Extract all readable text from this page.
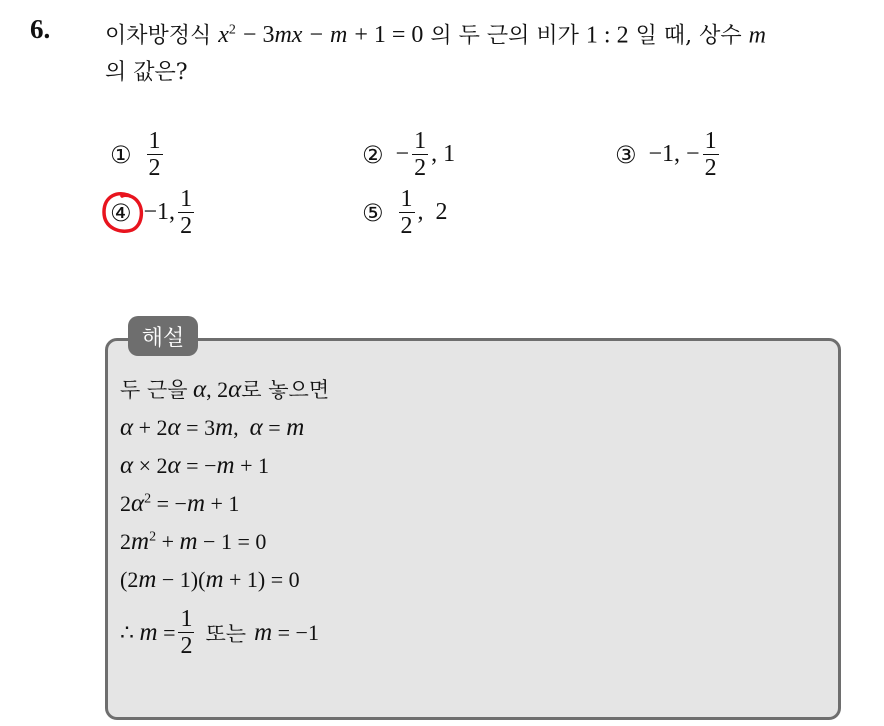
6. 이차방정식 $x^2 - 3mx - m + 1 = 0$ 의 두 근의 비가 1 : 2 일 때, 상수 m
의 값은?
① $\frac{1}{2}$	② − $\frac{1}{2}$ , 1	③ −1, − $\frac{1}{2}$
④ −1, $\frac{1}{2}$	⑤ $\frac{1}{2}$ ,  2
해설
두 근을 α, 2α로 놓으면
α + 2α = 3m,  α = m
α × 2α = −m + 1
$2\alpha^2 = -m + 1$
$2m^2 + m - 1 = 0$
(2m − 1)(m + 1) = 0
∴ $m = \frac{1}{2}$ 또는 m = −1
